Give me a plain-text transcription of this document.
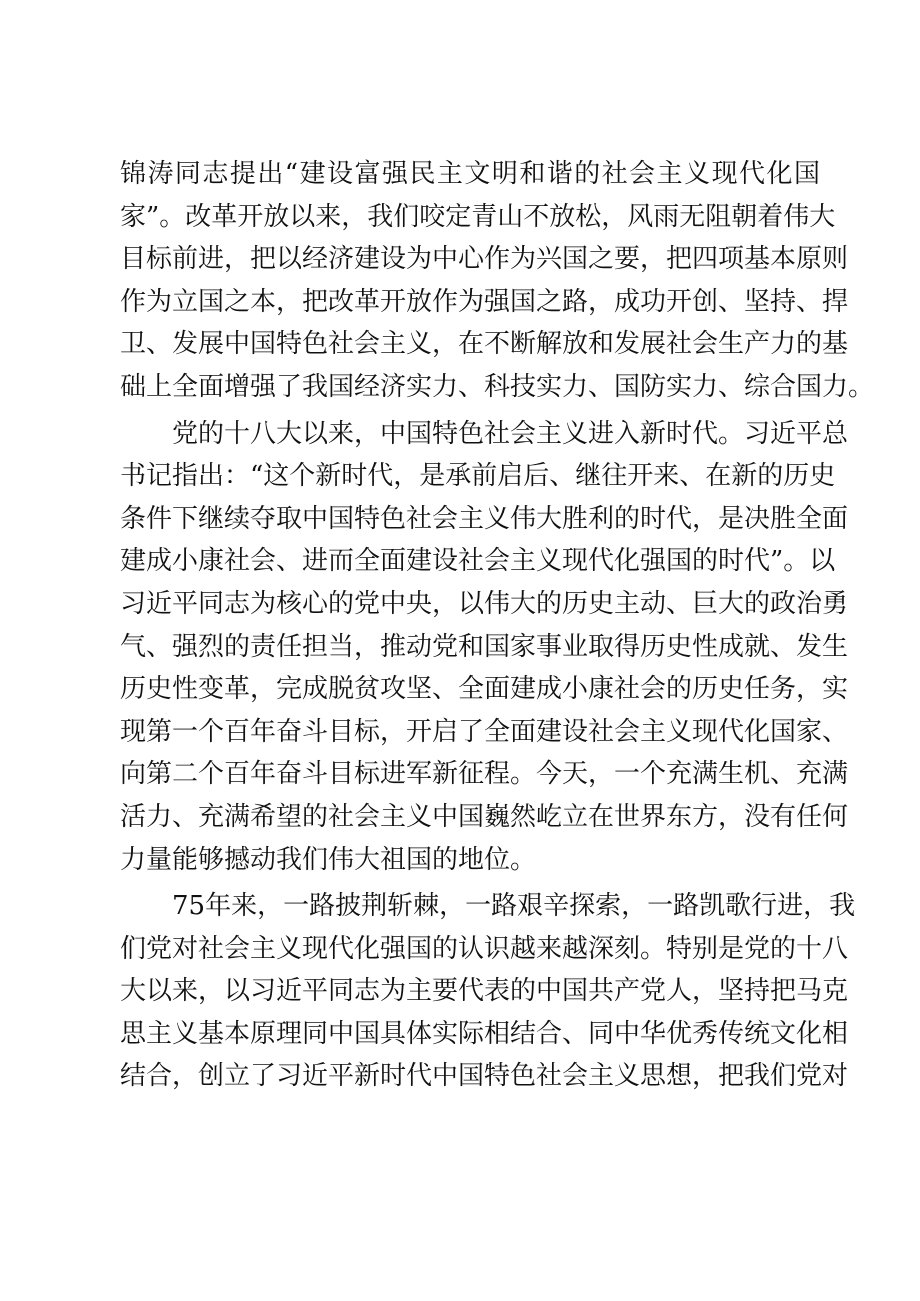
锦涛同志提出“建设富强民主文明和谐的社会主义现代化国
家”。改革开放以来，我们咬定青山不放松，风雨无阻朝着伟大
目标前进，把以经济建设为中心作为兴国之要，把四项基本原则
作为立国之本，把改革开放作为强国之路，成功开创、坚持、捍
卫、发展中国特色社会主义，在不断解放和发展社会生产力的基
础上全面增强了我国经济实力、科技实力、国防实力、综合国力。
党的十八大以来，中国特色社会主义进入新时代。习近平总
书记指出：“这个新时代，是承前启后、继往开来、在新的历史
条件下继续夺取中国特色社会主义伟大胜利的时代，是决胜全面
建成小康社会、进而全面建设社会主义现代化强国的时代”。以
习近平同志为核心的党中央，以伟大的历史主动、巨大的政治勇
气、强烈的责任担当，推动党和国家事业取得历史性成就、发生
历史性变革，完成脱贫攻坚、全面建成小康社会的历史任务，实
现第一个百年奋斗目标，开启了全面建设社会主义现代化国家、
向第二个百年奋斗目标进军新征程。今天，一个充满生机、充满
活力、充满希望的社会主义中国巍然屹立在世界东方，没有任何
力量能够撼动我们伟大祖国的地位。
75年来，一路披荆斩棘，一路艰辛探索，一路凯歌行进，我
们党对社会主义现代化强国的认识越来越深刻。特别是党的十八
大以来，以习近平同志为主要代表的中国共产党人，坚持把马克
思主义基本原理同中国具体实际相结合、同中华优秀传统文化相
结合，创立了习近平新时代中国特色社会主义思想，把我们党对
